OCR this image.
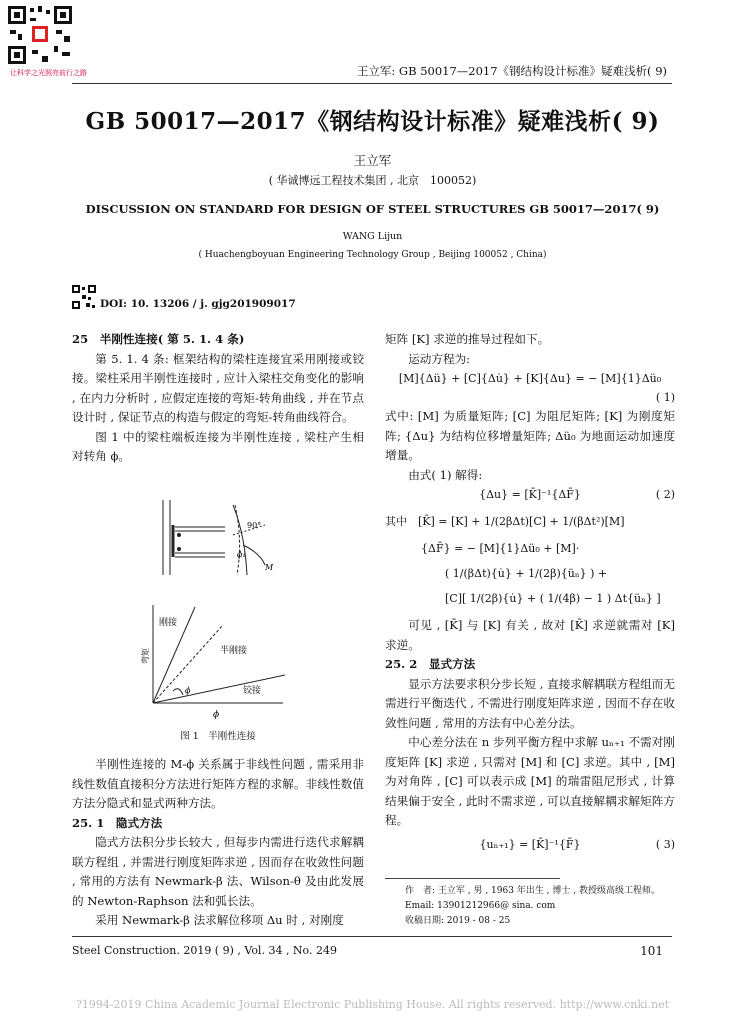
让科学之光照亮前行之路	王立军: GB 50017—2017《钢结构设计标准》疑难浅析( 9)
GB 50017—2017《钢结构设计标准》疑难浅析( 9)
王立军
( 华诚博远工程技术集团 , 北京　100052)
DISCUSSION ON STANDARD FOR DESIGN OF STEEL STRUCTURES GB 50017—2017( 9)
WANG Lijun
( Huachengboyuan Engineering Technology Group , Beijing 100052 , China)
DOI: 10. 13206 / j. gjg201909017

25　半刚性连接( 第 5. 1. 4 条)

第 5. 1. 4 条: 框架结构的梁柱连接宜采用刚接或铰接。梁柱采用半刚性连接时 , 应计入梁柱交角变化的影响 , 在内力分析时 , 应假定连接的弯矩-转角曲线 , 并在节点设计时 , 保证节点的构造与假定的弯矩-转角曲线符合。

图 1 中的梁柱端板连接为半刚性连接 , 梁柱产生相对转角 ϕ。

90°
ϕ₁
M
刚接
半刚接
铰接
弯矩
ϕ
ϕ
图 1　半刚性连接

半刚性连接的 M-ϕ 关系属于非线性问题 , 需采用非线性数值直接积分方法进行矩阵方程的求解。非线性数值方法分隐式和显式两种方法。

25. 1　隐式方法

隐式方法积分步长较大 , 但每步内需进行迭代求解耦联方程组 , 并需进行刚度矩阵求逆 , 因而存在收敛性问题 , 常用的方法有 Newmark-β 法、Wilson-θ 及由此发展的 Newton-Raphson 法和弧长法。

采用 Newmark-β 法求解位移项 Δu 时 , 对刚度

矩阵 [K] 求逆的推导过程如下。

运动方程为:

[M]{Δü} + [C]{Δu̇} + [K]{Δu} = − [M]{1}Δü₀
( 1)

式中: [M] 为质量矩阵; [C] 为阻尼矩阵; [K] 为刚度矩阵; {Δu} 为结构位移增量矩阵; Δü₀ 为地面运动加速度增量。

由式( 1) 解得:

{Δu} = [K̄]⁻¹{ΔF̄}	( 2)
其中　[K̄] = [K] + 1/(2βΔt)[C] + 1/(βΔt²)[M]
{ΔF̄} = − [M]{1}Δü₀ + [M]·
( 1/(βΔt){u̇} + 1/(2β){üₙ} ) +
[C][ 1/(2β){u̇} + ( 1/(4β) − 1 ) Δt{üₙ} ]

可见 , [K̄] 与 [K] 有关 , 故对 [K̄] 求逆就需对 [K] 求逆。

25. 2　显式方法

显示方法要求积分步长短 , 直接求解耦联方程组而无需进行平衡迭代 , 不需进行刚度矩阵求逆 , 因而不存在收敛性问题 , 常用的方法有中心差分法。

中心差分法在 n 步列平衡方程中求解 uₙ₊₁ 不需对刚度矩阵 [K] 求逆 , 只需对 [M] 和 [C] 求逆。其中 , [M] 为对角阵 , [C] 可以表示成 [M] 的瑞雷阻尼形式 , 计算结果偏于安全 , 此时不需求逆 , 可以直接解耦求解矩阵方程。

{uₙ₊₁} = [K̄]⁻¹{F̄}	( 3)
作　者: 王立军 , 男 , 1963 年出生 , 博士 , 教授级高级工程师。
Email: 13901212966@ sina. com
收稿日期: 2019 - 08 - 25
Steel Construction. 2019 ( 9) , Vol. 34 , No. 249	101
?1994-2019 China Academic Journal Electronic Publishing House. All rights reserved. http://www.cnki.net
